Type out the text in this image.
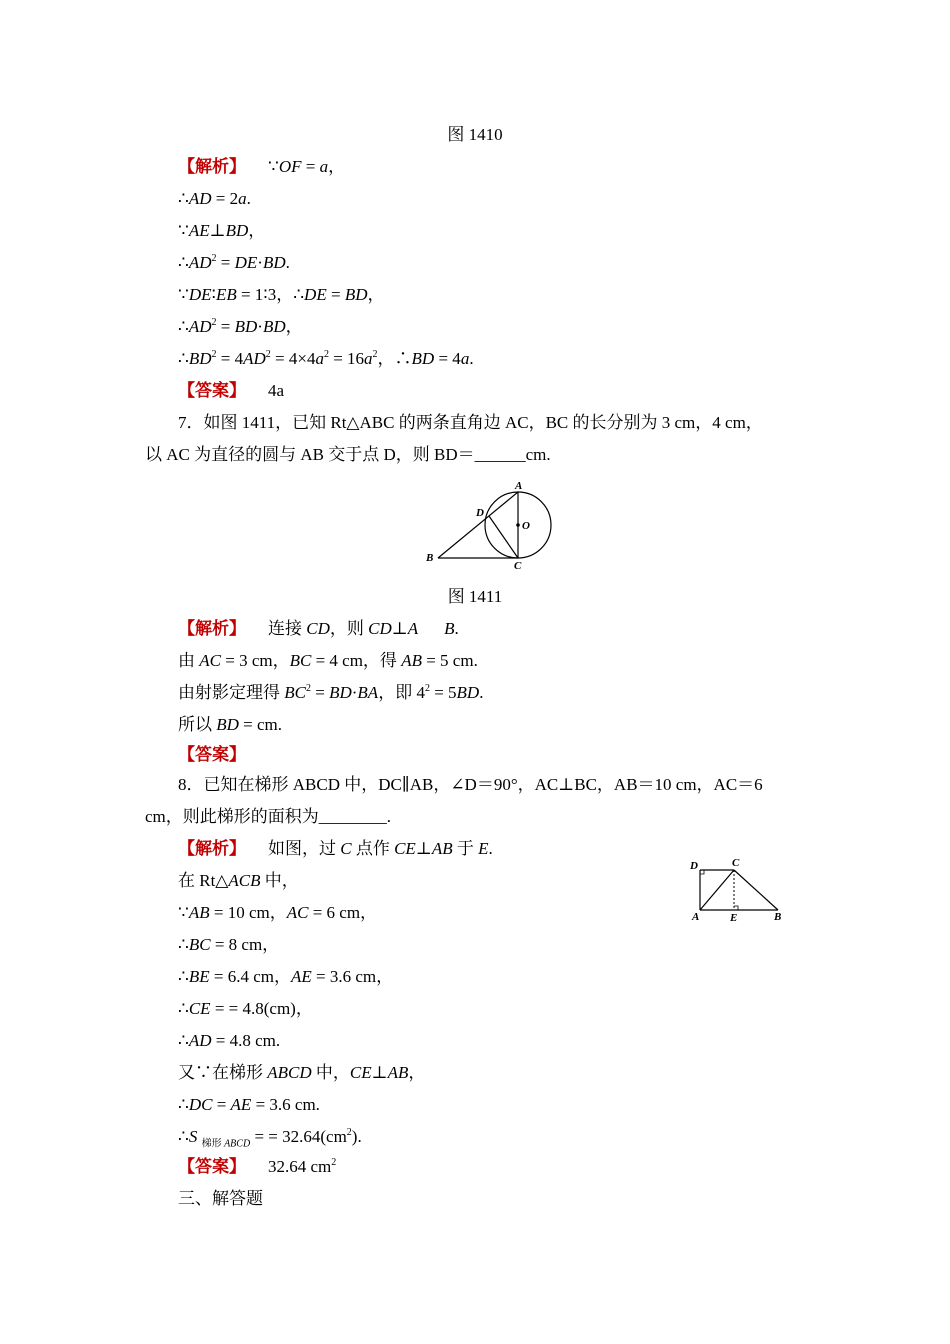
图 1410
【解析】 ∵OF = a，
∴AD = 2a.
∵AE⊥BD，
$\therefore AD^2 = DE\cdot BD$.
∵DE∶EB = 1∶3，∴DE = BD，
$\therefore AD^2 = BD\cdot BD$，
$\therefore BD^2 = 4AD^2 = 4\times 4a^2 = 16a^2$，∴BD = 4a.
【答案】 4a
7．如图 1411，已知 Rt△ABC 的两条直角边 AC，BC 的长分别为 3 cm，4 cm，
以 AC 为直径的圆与 AB 交于点 D，则 BD＝______cm.
A
B
C
D
O
图 1411
【解析】 连接 CD，则 CD⊥A B.
由 AC = 3 cm，BC = 4 cm，得 AB = 5 cm.
由射影定理得 $BC^2 = BD\cdot BA$，即 $4^2 = 5BD$.
所以 BD = cm.
【答案】
8．已知在梯形 ABCD 中，DC∥AB，∠D＝90°，AC⊥BC，AB＝10 cm，AC＝6
cm，则此梯形的面积为________.
【解析】 如图，过 C 点作 CE⊥AB 于 E.
D	C
A	E	B
在 Rt△ACB 中，
∵AB = 10 cm，AC = 6 cm，
∴BC = 8 cm，
∴BE = 6.4 cm，AE = 3.6 cm，
∴CE = = 4.8(cm)，
∴AD = 4.8 cm.
又∵在梯形 ABCD 中，CE⊥AB，
∴DC = AE = 3.6 cm.
∴S $_{梯形 ABCD}$ = = $32.64(cm^2)$.
【答案】 32.64 $cm^2$
三、解答题
